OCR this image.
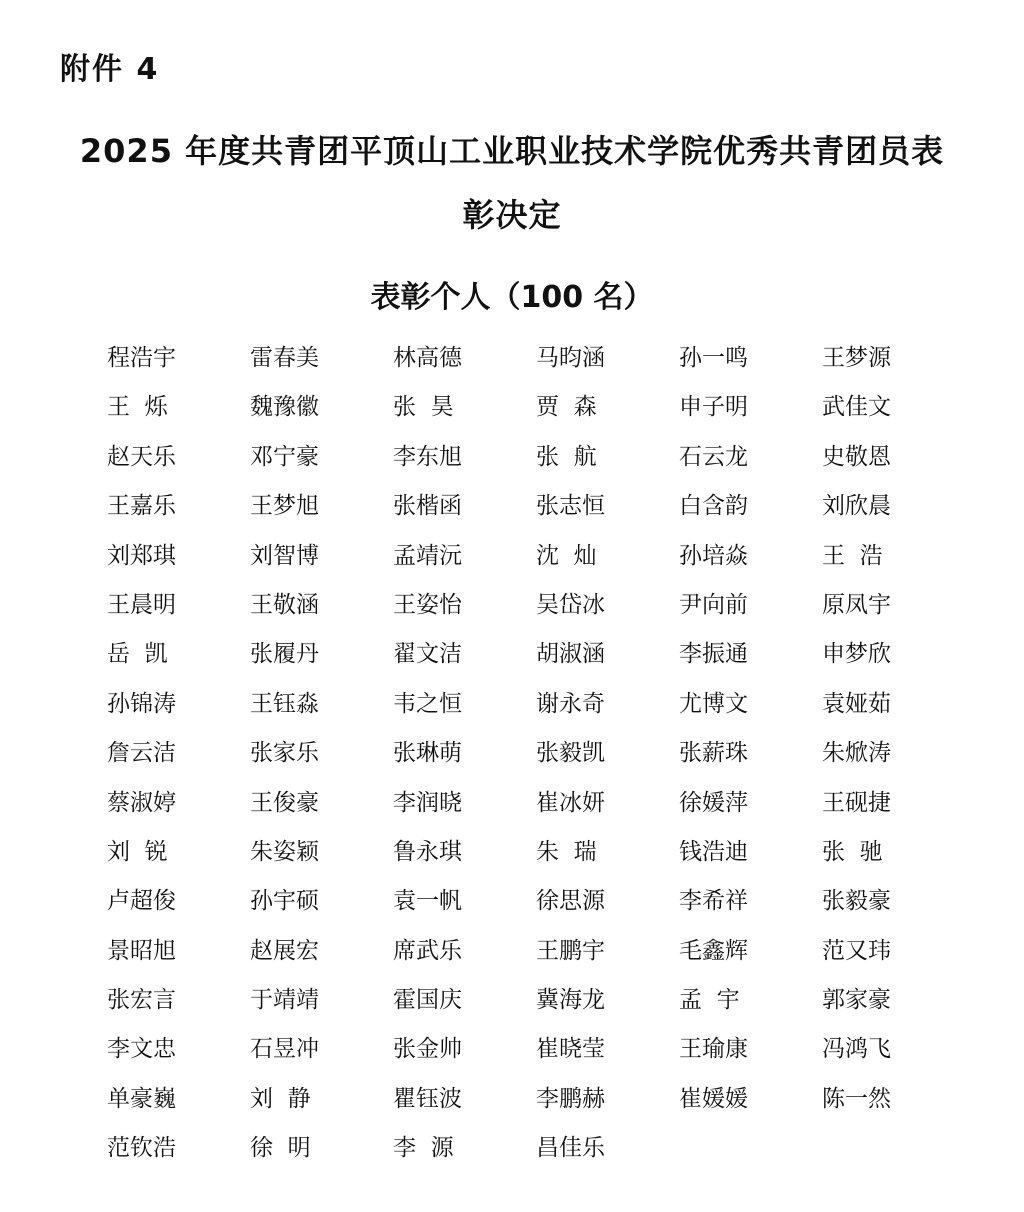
附件 4
2025 年度共青团平顶山工业职业技术学院优秀共青团员表
彰决定
表彰个人（100 名）
程浩宇	雷春美	林高德	马昀涵	孙一鸣	王梦源
王  烁	魏豫徽	张  昊	贾  森	申子明	武佳文
赵天乐	邓宁豪	李东旭	张  航	石云龙	史敬恩
王嘉乐	王梦旭	张楷函	张志恒	白含韵	刘欣晨
刘郑琪	刘智博	孟靖沅	沈  灿	孙培焱	王  浩
王晨明	王敬涵	王姿怡	吴岱冰	尹向前	原凤宇
岳  凯	张履丹	翟文洁	胡淑涵	李振通	申梦欣
孙锦涛	王钰淼	韦之恒	谢永奇	尤博文	袁娅茹
詹云洁	张家乐	张琳萌	张毅凯	张薪珠	朱焮涛
蔡淑婷	王俊豪	李润晓	崔冰妍	徐媛萍	王砚捷
刘  锐	朱姿颖	鲁永琪	朱  瑞	钱浩迪	张  驰
卢超俊	孙宇硕	袁一帆	徐思源	李希祥	张毅豪
景昭旭	赵展宏	席武乐	王鹏宇	毛鑫辉	范又玮
张宏言	于靖靖	霍国庆	冀海龙	孟  宇	郭家豪
李文忠	石昱冲	张金帅	崔晓莹	王瑜康	冯鸿飞
单豪巍	刘  静	瞿钰波	李鹏赫	崔媛媛	陈一然
范钦浩	徐  明	李  源	昌佳乐
